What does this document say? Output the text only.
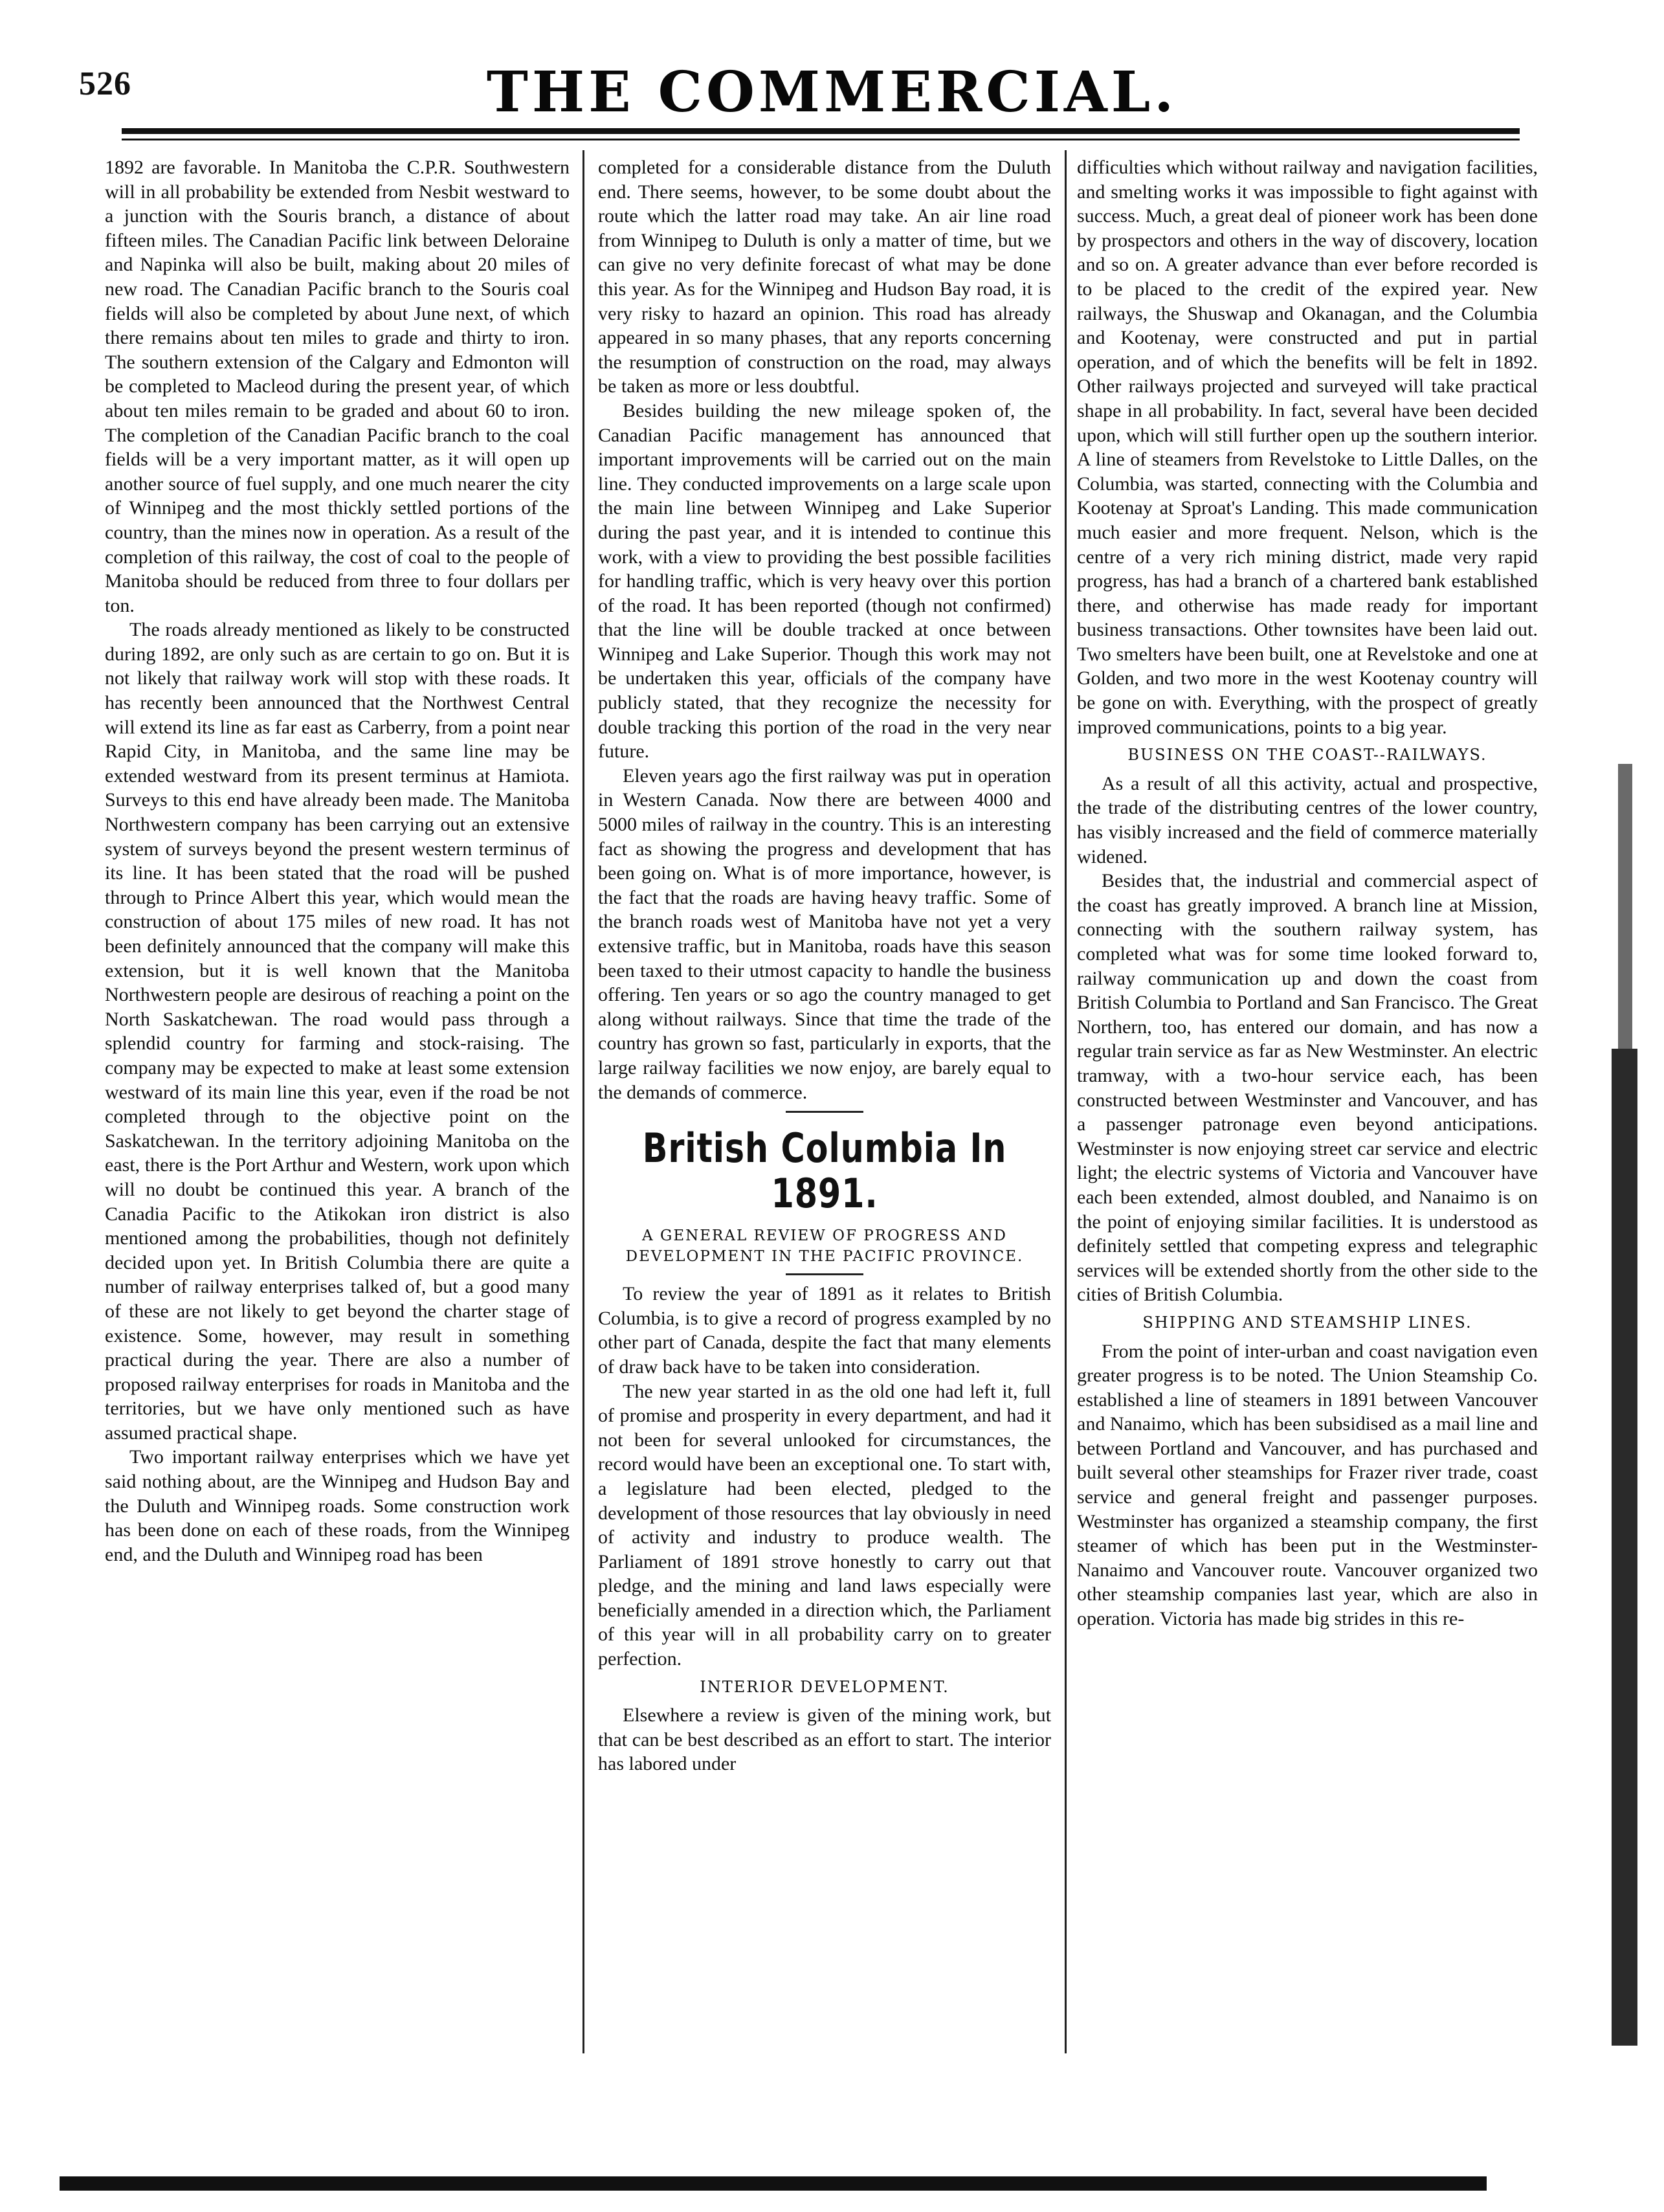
526	THE COMMERCIAL.

1892 are favorable. In Manitoba the C.P.R. Southwestern will in all probability be extended from Nesbit westward to a junction with the Souris branch, a distance of about fifteen miles. The Canadian Pacific link between Deloraine and Napinka will also be built, making about 20 miles of new road. The Canadian Pacific branch to the Souris coal fields will also be completed by about June next, of which there remains about ten miles to grade and thirty to iron. The southern extension of the Calgary and Edmonton will be completed to Macleod during the present year, of which about ten miles remain to be graded and about 60 to iron. The completion of the Canadian Pacific branch to the coal fields will be a very important matter, as it will open up another source of fuel supply, and one much nearer the city of Winnipeg and the most thickly settled portions of the country, than the mines now in operation. As a result of the completion of this railway, the cost of coal to the people of Manitoba should be reduced from three to four dollars per ton.

The roads already mentioned as likely to be constructed during 1892, are only such as are certain to go on. But it is not likely that railway work will stop with these roads. It has recently been announced that the Northwest Central will extend its line as far east as Carberry, from a point near Rapid City, in Manitoba, and the same line may be extended westward from its present terminus at Hamiota. Surveys to this end have already been made. The Manitoba Northwestern company has been carrying out an extensive system of surveys beyond the present western terminus of its line. It has been stated that the road will be pushed through to Prince Albert this year, which would mean the construction of about 175 miles of new road. It has not been definitely announced that the company will make this extension, but it is well known that the Manitoba Northwestern people are desirous of reaching a point on the North Saskatchewan. The road would pass through a splendid country for farming and stock-raising. The company may be expected to make at least some extension westward of its main line this year, even if the road be not completed through to the objective point on the Saskatchewan. In the territory adjoining Manitoba on the east, there is the Port Arthur and Western, work upon which will no doubt be continued this year. A branch of the Canadia Pacific to the Atikokan iron district is also mentioned among the probabilities, though not definitely decided upon yet. In British Columbia there are quite a number of railway enterprises talked of, but a good many of these are not likely to get beyond the charter stage of existence. Some, however, may result in something practical during the year. There are also a number of proposed railway enterprises for roads in Manitoba and the territories, but we have only mentioned such as have assumed practical shape.

Two important railway enterprises which we have yet said nothing about, are the Winnipeg and Hudson Bay and the Duluth and Winnipeg roads. Some construction work has been done on each of these roads, from the Winnipeg end, and the Duluth and Winnipeg road has been

completed for a considerable distance from the Duluth end. There seems, however, to be some doubt about the route which the latter road may take. An air line road from Winnipeg to Duluth is only a matter of time, but we can give no very definite forecast of what may be done this year. As for the Winnipeg and Hudson Bay road, it is very risky to hazard an opinion. This road has already appeared in so many phases, that any reports concerning the resumption of construction on the road, may always be taken as more or less doubtful.

Besides building the new mileage spoken of, the Canadian Pacific management has announced that important improvements will be carried out on the main line. They conducted improvements on a large scale upon the main line between Winnipeg and Lake Superior during the past year, and it is intended to continue this work, with a view to providing the best possible facilities for handling traffic, which is very heavy over this portion of the road. It has been reported (though not confirmed) that the line will be double tracked at once between Winnipeg and Lake Superior. Though this work may not be undertaken this year, officials of the company have publicly stated, that they recognize the necessity for double tracking this portion of the road in the very near future.

Eleven years ago the first railway was put in operation in Western Canada. Now there are between 4000 and 5000 miles of railway in the country. This is an interesting fact as showing the progress and development that has been going on. What is of more importance, however, is the fact that the roads are having heavy traffic. Some of the branch roads west of Manitoba have not yet a very extensive traffic, but in Manitoba, roads have this season been taxed to their utmost capacity to handle the business offering. Ten years or so ago the country managed to get along without railways. Since that time the trade of the country has grown so fast, particularly in exports, that the large railway facilities we now enjoy, are barely equal to the demands of commerce.

British Columbia In 1891.
A GENERAL REVIEW OF PROGRESS AND DEVELOPMENT IN THE PACIFIC PROVINCE.

To review the year of 1891 as it relates to British Columbia, is to give a record of progress exampled by no other part of Canada, despite the fact that many elements of draw back have to be taken into consideration.

The new year started in as the old one had left it, full of promise and prosperity in every department, and had it not been for several unlooked for circumstances, the record would have been an exceptional one. To start with, a legislature had been elected, pledged to the development of those resources that lay obviously in need of activity and industry to produce wealth. The Parliament of 1891 strove honestly to carry out that pledge, and the mining and land laws especially were beneficially amended in a direction which, the Parliament of this year will in all probability carry on to greater perfection.

INTERIOR DEVELOPMENT.

Elsewhere a review is given of the mining work, but that can be best described as an effort to start. The interior has labored under

difficulties which without railway and navigation facilities, and smelting works it was impossible to fight against with success. Much, a great deal of pioneer work has been done by prospectors and others in the way of discovery, location and so on. A greater advance than ever before recorded is to be placed to the credit of the expired year. New railways, the Shuswap and Okanagan, and the Columbia and Kootenay, were constructed and put in partial operation, and of which the benefits will be felt in 1892. Other railways projected and surveyed will take practical shape in all probability. In fact, several have been decided upon, which will still further open up the southern interior. A line of steamers from Revelstoke to Little Dalles, on the Columbia, was started, connecting with the Columbia and Kootenay at Sproat's Landing. This made communication much easier and more frequent. Nelson, which is the centre of a very rich mining district, made very rapid progress, has had a branch of a chartered bank established there, and otherwise has made ready for important business transactions. Other townsites have been laid out. Two smelters have been built, one at Revelstoke and one at Golden, and two more in the west Kootenay country will be gone on with. Everything, with the prospect of greatly improved communications, points to a big year.

BUSINESS ON THE COAST--RAILWAYS.

As a result of all this activity, actual and prospective, the trade of the distributing centres of the lower country, has visibly increased and the field of commerce materially widened.

Besides that, the industrial and commercial aspect of the coast has greatly improved. A branch line at Mission, connecting with the southern railway system, has completed what was for some time looked forward to, railway communication up and down the coast from British Columbia to Portland and San Francisco. The Great Northern, too, has entered our domain, and has now a regular train service as far as New Westminster. An electric tramway, with a two-hour service each, has been constructed between Westminster and Vancouver, and has a passenger patronage even beyond anticipations. Westminster is now enjoying street car service and electric light; the electric systems of Victoria and Vancouver have each been extended, almost doubled, and Nanaimo is on the point of enjoying similar facilities. It is understood as definitely settled that competing express and telegraphic services will be extended shortly from the other side to the cities of British Columbia.

SHIPPING AND STEAMSHIP LINES.

From the point of inter-urban and coast navigation even greater progress is to be noted. The Union Steamship Co. established a line of steamers in 1891 between Vancouver and Nanaimo, which has been subsidised as a mail line and between Portland and Vancouver, and has purchased and built several other steamships for Frazer river trade, coast service and general freight and passenger purposes. Westminster has organized a steamship company, the first steamer of which has been put in the Westminster-Nanaimo and Vancouver route. Vancouver organized two other steamship companies last year, which are also in operation. Victoria has made big strides in this re-
